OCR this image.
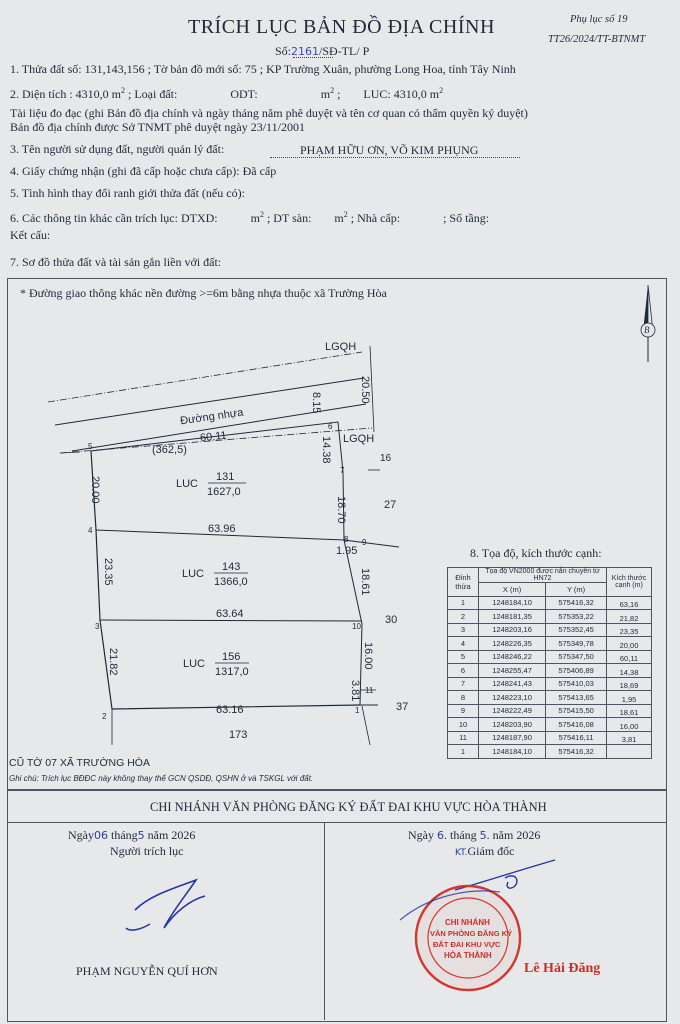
TRÍCH LỤC BẢN ĐỒ ĐỊA CHÍNH	Phụ lục số 19
TT26/2024/TT-BTNMT
Số:2161/SĐ-TL/ P
1. Thửa đất số: 131,143,156 ; Tờ bản đồ mới số: 75 ; KP Trường Xuân, phường Long Hoa, tỉnh Tây Ninh
2. Diện tích : 4310,0 $m^2$ ; Loại đất:	ODT:	$m^2$ ; LUC: 4310,0 $m^2$
Tài liệu đo đạc (ghi Bản đồ địa chính và ngày tháng năm phê duyệt và tên cơ quan có thẩm quyền ký duyệt)
Bản đồ địa chính được Sở TNMT phê duyệt ngày 23/11/2001
3. Tên người sử dụng đất, người quản lý đất:	PHẠM HỮU ƠN, VÕ KIM PHỤNG
4. Giấy chứng nhận (ghi đã cấp hoặc chưa cấp): Đã cấp
5. Tình hình thay đổi ranh giới thửa đất (nếu có):
6. Các thông tin khác cần trích lục: DTXD:	$m^2$ ; DT sàn: $m^2$ ; Nhà cấp:	; Số tầng:
Kết cấu:
7. Sơ đồ thửa đất và tài sản gắn liền với đất:
* Đường giao thông khác nền đường >=6m bằng nhựa thuộc xã Trường Hòa
LGQH
LGQH
20.50
Đường nhựa
8.15
14.38
60.11
(362,5)
20.00
63.96
18.70
1.95
23.35	18.61
63.64
16.00
21.82
3.81
63.16
LUC
131
1627,0
LUC
143
1366,0
LUC
156
1317,0
16
27
30
37
173
1
2
3
4
5
6
7
8 9
10
11
B
8. Tọa độ, kích thước cạnh:
Đỉnh thửa	Tọa độ VN2000 được nắn chuyển từ HN72		Kích thước cạnh (m)
	X (m)	Y (m)	
1	1248184,10	575416,32	63,16
2	1248181,35	575353,22	21,82
3	1248203,16	575352,45	23,35
4	1248226,35	575349,78	20,00
5	1248246,22	575347,50	60,11
6	1248255,47	575406,89	14,38
7	1248241,43	575410,03	18,69
8	1248223,10	575413,65	1,95
9	1248222,49	575415,50	18,61
10	1248203,90	575416,08	16,00
11	1248187,90	575416,11	3,81
1	1248184,10	575416,32	
CŨ TỜ 07 XÃ TRƯỜNG HÒA
Ghi chú: Trích lục BĐĐC này không thay thế GCN QSDĐ, QSHN ở và TSKGL với đất.
CHI NHÁNH VĂN PHÒNG ĐĂNG KÝ ĐẤT ĐAI KHU VỰC HÒA THÀNH
Ngày06 tháng5 năm 2026
Người trích lục
PHẠM NGUYỄN QUÍ HƠN
Ngày 6. tháng 5. năm 2026
KT.Giám đốc
CHI NHÁNH
VĂN PHÒNG ĐĂNG KÝ
ĐẤT ĐAI KHU VỰC
HÒA THÀNH
Lê Hải Đăng
